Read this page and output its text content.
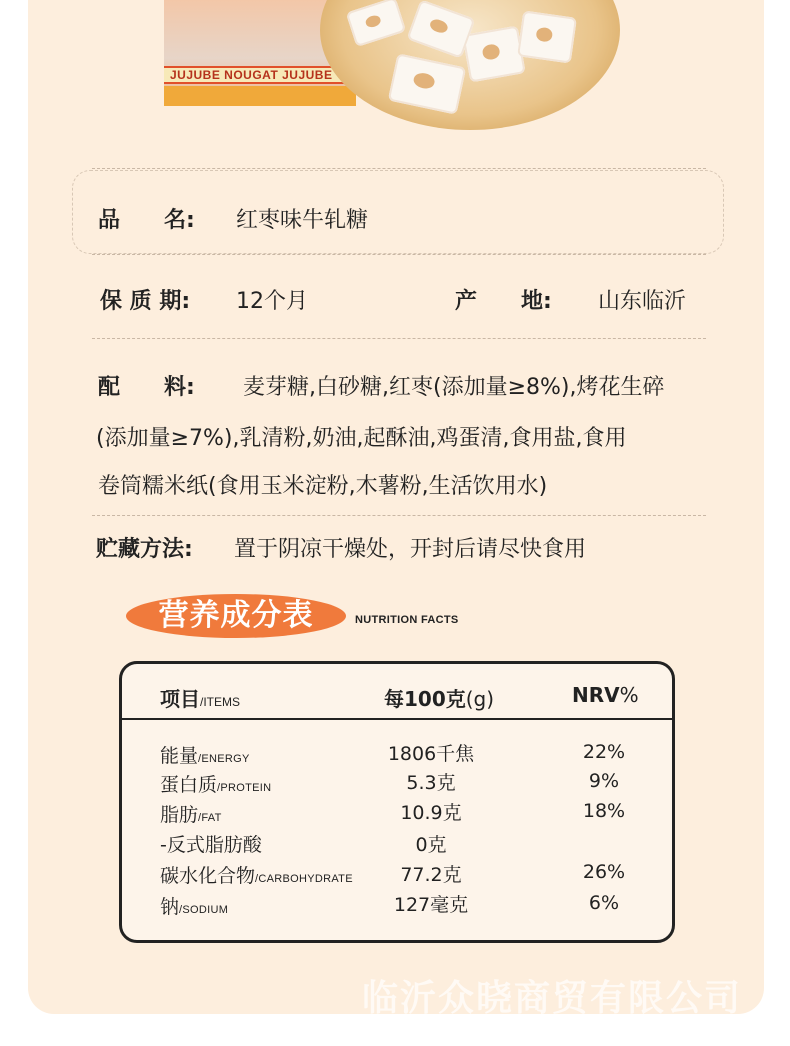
JUJUBE NOUGAT JUJUBE
品　　名: 红枣味牛轧糖
保 质 期: 12个月	产　　地: 山东临沂
配　　料: 麦芽糖,白砂糖,红枣(添加量≥8%),烤花生碎
(添加量≥7%),乳清粉,奶油,起酥油,鸡蛋清,食用盐,食用
卷筒糯米纸(食用玉米淀粉,木薯粉,生活饮用水)
贮藏方法: 置于阴凉干燥处，开封后请尽快食用
营养成分表	NUTRITION FACTS
项目/ITEMS	每100克(g)	NRV%
能量/ENERGY	1806千焦	22%
蛋白质/PROTEIN	5.3克	9%
脂肪/FAT	10.9克	18%
-反式脂肪酸	0克
碳水化合物/CARBOHYDRATE	77.2克	26%
钠/SODIUM	127毫克	6%
临沂众晓商贸有限公司
